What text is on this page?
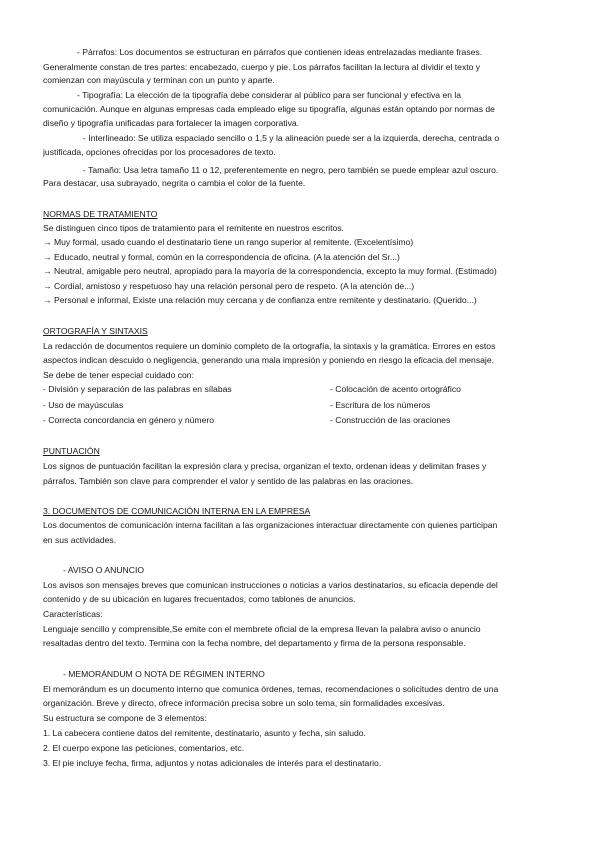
- Párrafos: Los documentos se estructuran en párrafos que contienen ideas entrelazadas mediante frases.
Generalmente constan de tres partes: encabezado, cuerpo y pie. Los párrafos facilitan la lectura al dividir el texto y
comienzan con mayúscula y terminan con un punto y aparte.
- Tipografía: La elección de la tipografía debe considerar al público para ser funcional y efectiva en la
comunicación. Aunque en algunas empresas cada empleado elige su tipografía, algunas están optando por normas de
diseño y tipografía unificadas para fortalecer la imagen corporativa.
- Interlineado: Se utiliza espaciado sencillo o 1,5 y la alineación puede ser a la izquierda, derecha, centrada o
justificada, opciones ofrecidas por los procesadores de texto.
- Tamaño: Usa letra tamaño 11 o 12, preferentemente en negro, pero también se puede emplear azul oscuro.
Para destacar, usa subrayado, negrita o cambia el color de la fuente.
NORMAS DE TRATAMIENTO
Se distinguen cinco tipos de tratamiento para el remitente en nuestros escritos.
→ Muy formal, usado cuando el destinatario tiene un rango superior al remitente. (Excelentísimo)
→ Educado, neutral y formal, común en la correspondencia de oficina. (A la atención del Sr...)
→ Neutral, amigable pero neutral, apropiado para la mayoría de la correspondencia, excepto la muy formal. (Estimado)
→ Cordial, amistoso y respetuoso hay una relación personal pero de respeto. (A la atención de...)
→ Personal e informal, Existe una relación muy cercana y de confianza entre remitente y destinatario. (Querido...)
ORTOGRAFÍA Y SINTAXIS
La redacción de documentos requiere un dominio completo de la ortografía, la sintaxis y la gramática. Errores en estos
aspectos indican descuido o negligencia, generando una mala impresión y poniendo en riesgo la eficacia del mensaje.
Se debe de tener especial cuidado con:
- División y separación de las palabras en sílabas	- Colocación de acento ortográfico
- Uso de mayúsculas	- Escritura de los números
- Correcta concordancia en género y número	- Construcción de las oraciones
PUNTUACIÓN
Los signos de puntuación facilitan la expresión clara y precisa, organizan el texto, ordenan ideas y delimitan frases y
párrafos. También son clave para comprender el valor y sentido de las palabras en las oraciones.
3. DOCUMENTOS DE COMUNICACIÓN INTERNA EN LA EMPRESA
Los documentos de comunicación interna facilitan a las organizaciones interactuar directamente con quienes participan
en sus actividades.
- AVISO O ANUNCIO
Los avisos son mensajes breves que comunican instrucciones o noticias a varios destinatarios, su eficacia depende del
contenido y de su ubicación en lugares frecuentados, como tablones de anuncios.
Características:
Lenguaje sencillo y comprensible,Se emite con el membrete oficial de la empresa llevan la palabra aviso o anuncio
resaltadas dentro del texto. Termina con la fecha nombre, del departamento y firma de la persona responsable.
- MEMORÁNDUM O NOTA DE RÉGIMEN INTERNO
El memorándum es un documento interno que comunica órdenes, temas, recomendaciones o solicitudes dentro de una
organización. Breve y directo, ofrece información precisa sobre un solo tema, sin formalidades excesivas.
Su estructura se compone de 3 elementos:
1. La cabecera contiene datos del remitente, destinatario, asunto y fecha, sin saludo.
2. El cuerpo expone las peticiones, comentarios, etc.
3. El pie incluye fecha, firma, adjuntos y notas adicionales de interés para el destinatario.
